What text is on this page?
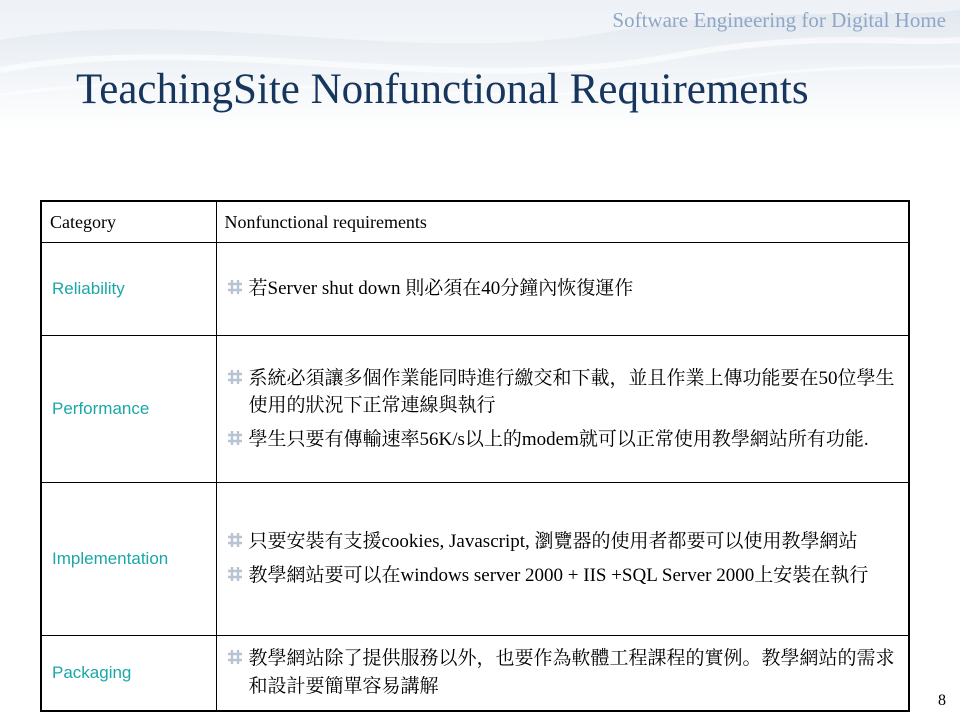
Software Engineering for Digital Home
TeachingSite Nonfunctional Requirements
Category	Nonfunctional requirements
Reliability	若Server shut down 則必須在40分鐘內恢復運作

Performance	系統必須讓多個作業能同時進行繳交和下載，並且作業上傳功能要在50位學生使用的狀況下正常連線與執行
學生只要有傳輸速率56K/s以上的modem就可以正常使用教學網站所有功能.

Implementation	只要安裝有支援cookies, Javascript, 瀏覽器的使用者都要可以使用教學網站
教學網站要可以在windows server 2000 + IIS +SQL Server 2000上安裝在執行

Packaging	教學網站除了提供服務以外，也要作為軟體工程課程的實例。教學網站的需求和設計要簡單容易講解
8
